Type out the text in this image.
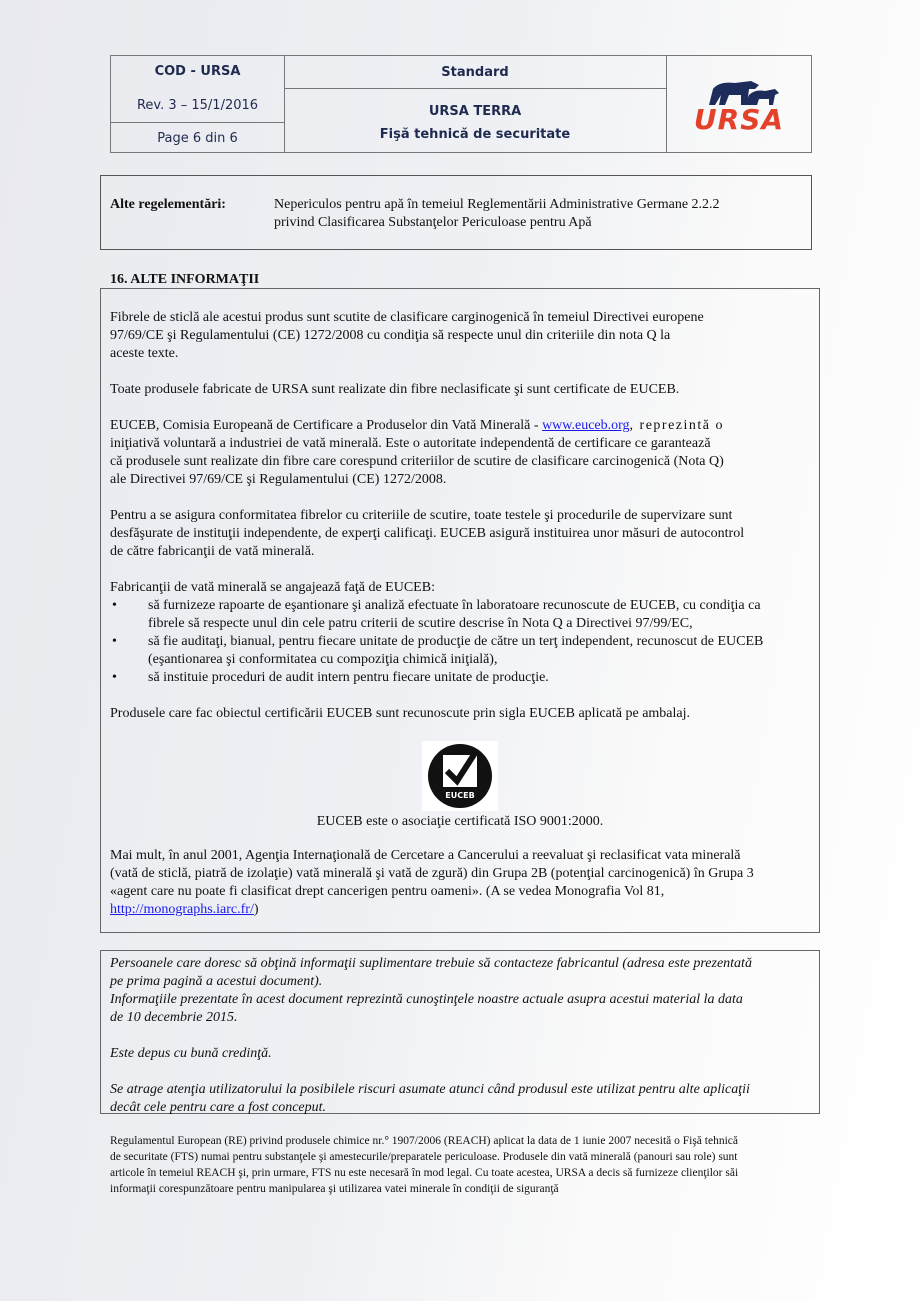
COD - URSA
Rev. 3 – 15/1/2016
Page 6 din 6
Standard
URSA TERRA
Fişă tehnică de securitate	URSA
Alte regelementări:	Nepericulos pentru apă în temeiul Reglementării Administrative Germane 2.2.2
privind Clasificarea Substanţelor Periculoase pentru Apă
16. ALTE INFORMAŢII
Fibrele de sticlă ale acestui produs sunt scutite de clasificare carginogenică în temeiul Directivei europene
97/69/CE şi Regulamentului (CE) 1272/2008 cu condiţia să respecte unul din criteriile din nota Q la
aceste texte.
Toate produsele fabricate de URSA sunt realizate din fibre neclasificate şi sunt certificate de EUCEB.
EUCEB, Comisia Europeană de Certificare a Produselor din Vată Minerală - www.euceb.org, reprezintă o
iniţiativă voluntară a industriei de vată minerală. Este o autoritate independentă de certificare ce garantează
că produsele sunt realizate din fibre care corespund criteriilor de scutire de clasificare carcinogenică (Nota Q)
ale Directivei 97/69/CE şi Regulamentului (CE) 1272/2008.
Pentru a se asigura conformitatea fibrelor cu criteriile de scutire, toate testele şi procedurile de supervizare sunt
desfăşurate de instituţii independente, de experţi calificaţi. EUCEB asigură instituirea unor măsuri de autocontrol
de către fabricanţii de vată minerală.
Fabricanţii de vată minerală se angajează faţă de EUCEB:
• să furnizeze rapoarte de eşantionare şi analiză efectuate în laboratoare recunoscute de EUCEB, cu condiţia ca
fibrele să respecte unul din cele patru criterii de scutire descrise în Nota Q a Directivei 97/99/EC,
• să fie auditaţi, bianual, pentru fiecare unitate de producţie de către un terţ independent, recunoscut de EUCEB
(eşantionarea şi conformitatea cu compoziţia chimică iniţială),
• să instituie proceduri de audit intern pentru fiecare unitate de producţie.
Produsele care fac obiectul certificării EUCEB sunt recunoscute prin sigla EUCEB aplicată pe ambalaj.
EUCEB
EUCEB este o asociaţie certificată ISO 9001:2000.
Mai mult, în anul 2001, Agenţia Internaţională de Cercetare a Cancerului a reevaluat şi reclasificat vata minerală
(vată de sticlă, piatră de izolaţie) vată minerală şi vată de zgură) din Grupa 2B (potenţial carcinogenică) în Grupa 3
«agent care nu poate fi clasificat drept cancerigen pentru oameni». (A se vedea Monografia Vol 81,
http://monographs.iarc.fr/)
Persoanele care doresc să obţină informaţii suplimentare trebuie să contacteze fabricantul (adresa este prezentată
pe prima pagină a acestui document).
Informaţiile prezentate în acest document reprezintă cunoştinţele noastre actuale asupra acestui material la data
de 10 decembrie 2015.
Este depus cu bună credinţă.
Se atrage atenţia utilizatorului la posibilele riscuri asumate atunci când produsul este utilizat pentru alte aplicaţii
decât cele pentru care a fost conceput.
Regulamentul European (RE) privind produsele chimice nr.° 1907/2006 (REACH) aplicat la data de 1 iunie 2007 necesită o Fişă tehnică
de securitate (FTS) numai pentru substanţele şi amestecurile/preparatele periculoase. Produsele din vată minerală (panouri sau role) sunt
articole în temeiul REACH şi, prin urmare, FTS nu este necesară în mod legal. Cu toate acestea, URSA a decis să furnizeze clienţilor săi
informaţii corespunzătoare pentru manipularea şi utilizarea vatei minerale în condiţii de siguranţă
